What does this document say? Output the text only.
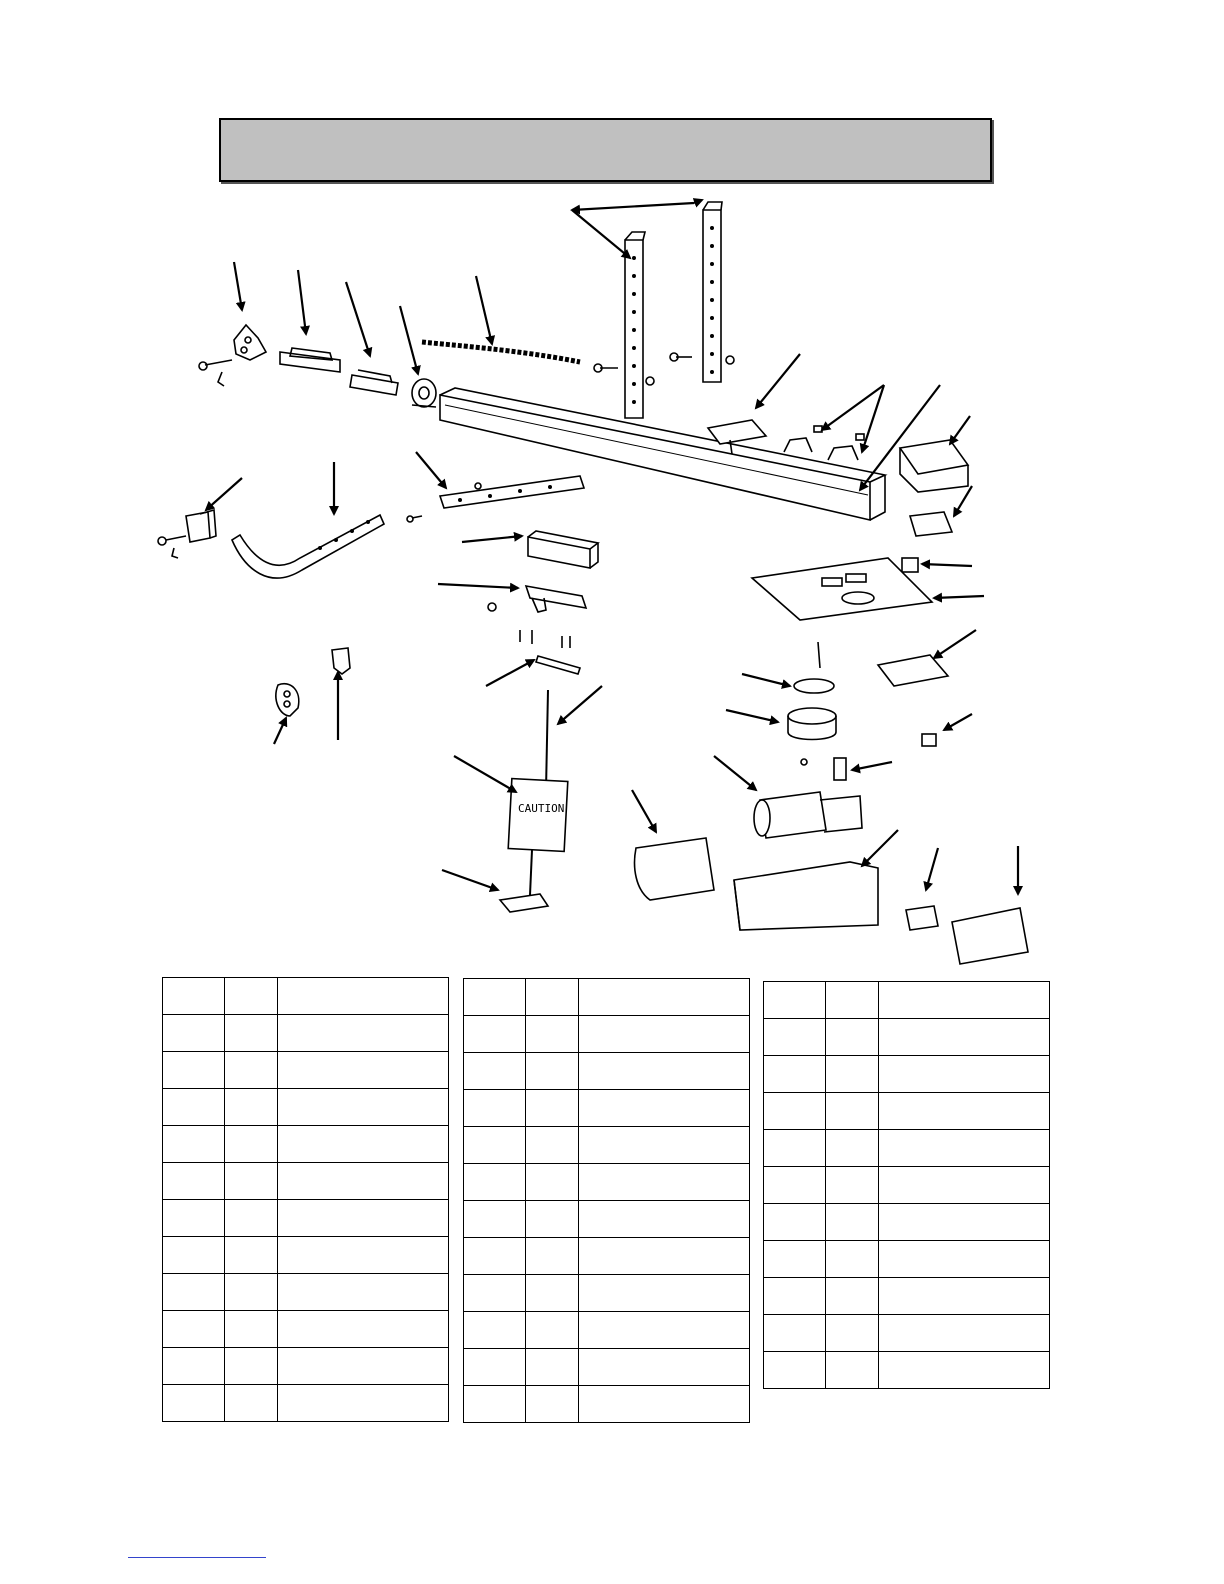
CAUTION
